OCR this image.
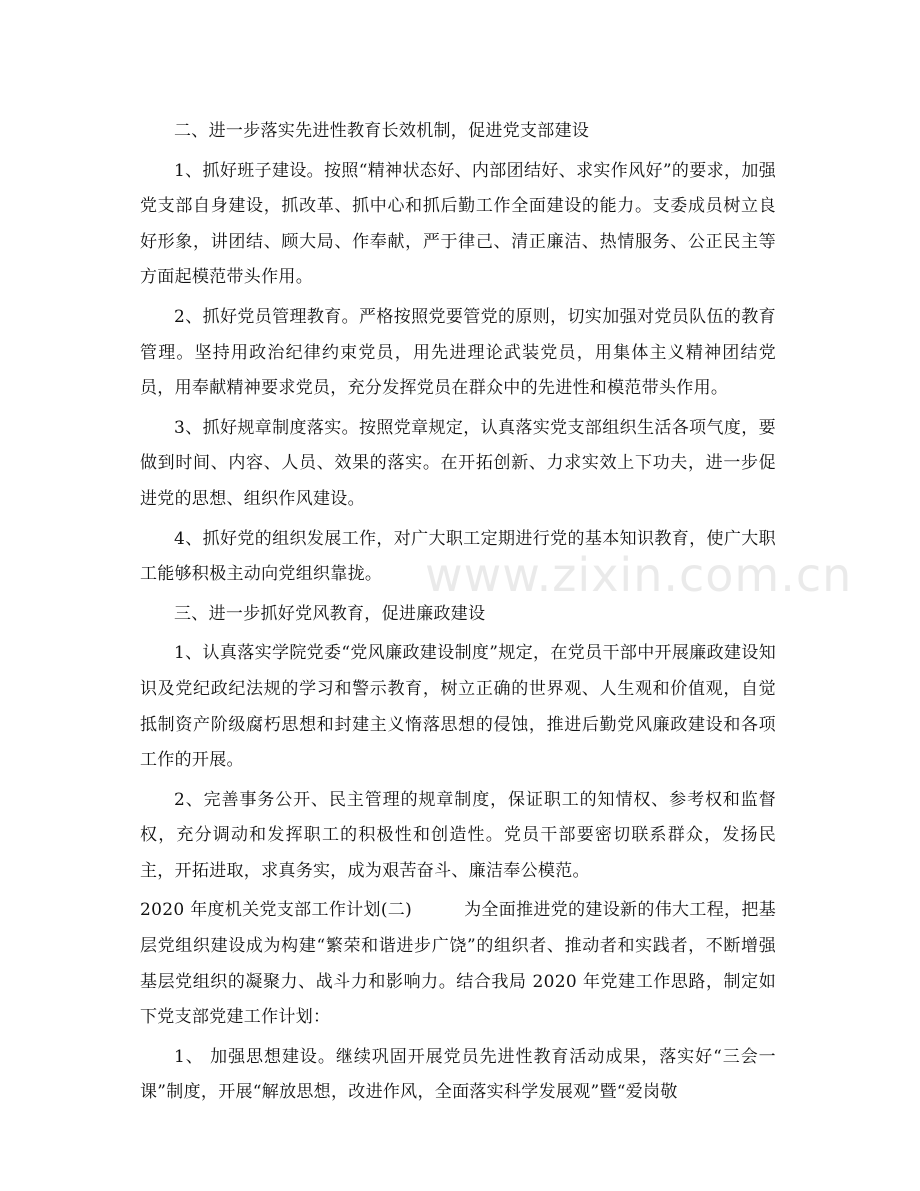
二、进一步落实先进性教育长效机制，促进党支部建设

1、抓好班子建设。按照“精神状态好、内部团结好、求实作风好”的要求，加强党支部自身建设，抓改革、抓中心和抓后勤工作全面建设的能力。支委成员树立良好形象，讲团结、顾大局、作奉献，严于律己、清正廉洁、热情服务、公正民主等方面起模范带头作用。

2、抓好党员管理教育。严格按照党要管党的原则，切实加强对党员队伍的教育管理。坚持用政治纪律约束党员，用先进理论武装党员，用集体主义精神团结党员，用奉献精神要求党员，充分发挥党员在群众中的先进性和模范带头作用。

3、抓好规章制度落实。按照党章规定，认真落实党支部组织生活各项气度，要做到时间、内容、人员、效果的落实。在开拓创新、力求实效上下功夫，进一步促进党的思想、组织作风建设。

4、抓好党的组织发展工作，对广大职工定期进行党的基本知识教育，使广大职工能够积极主动向党组织靠拢。

三、进一步抓好党风教育，促进廉政建设

1、认真落实学院党委“党风廉政建设制度”规定，在党员干部中开展廉政建设知识及党纪政纪法规的学习和警示教育，树立正确的世界观、人生观和价值观，自觉抵制资产阶级腐朽思想和封建主义惰落思想的侵蚀，推进后勤党风廉政建设和各项工作的开展。

2、完善事务公开、民主管理的规章制度，保证职工的知情权、参考权和监督权，充分调动和发挥职工的积极性和创造性。党员干部要密切联系群众，发扬民主，开拓进取，求真务实，成为艰苦奋斗、廉洁奉公模范。

2020 年度机关党支部工作计划(二)	为全面推进党的建设新的伟大工程，把基层党组织建设成为构建“繁荣和谐进步广饶”的组织者、推动者和实践者，不断增强基层党组织的凝聚力、战斗力和影响力。结合我局 2020 年党建工作思路，制定如下党支部党建工作计划：

1、 加强思想建设。继续巩固开展党员先进性教育活动成果，落实好“三会一课”制度，开展“解放思想，改进作风，全面落实科学发展观”暨“爱岗敬

www.zixin.com.cn
